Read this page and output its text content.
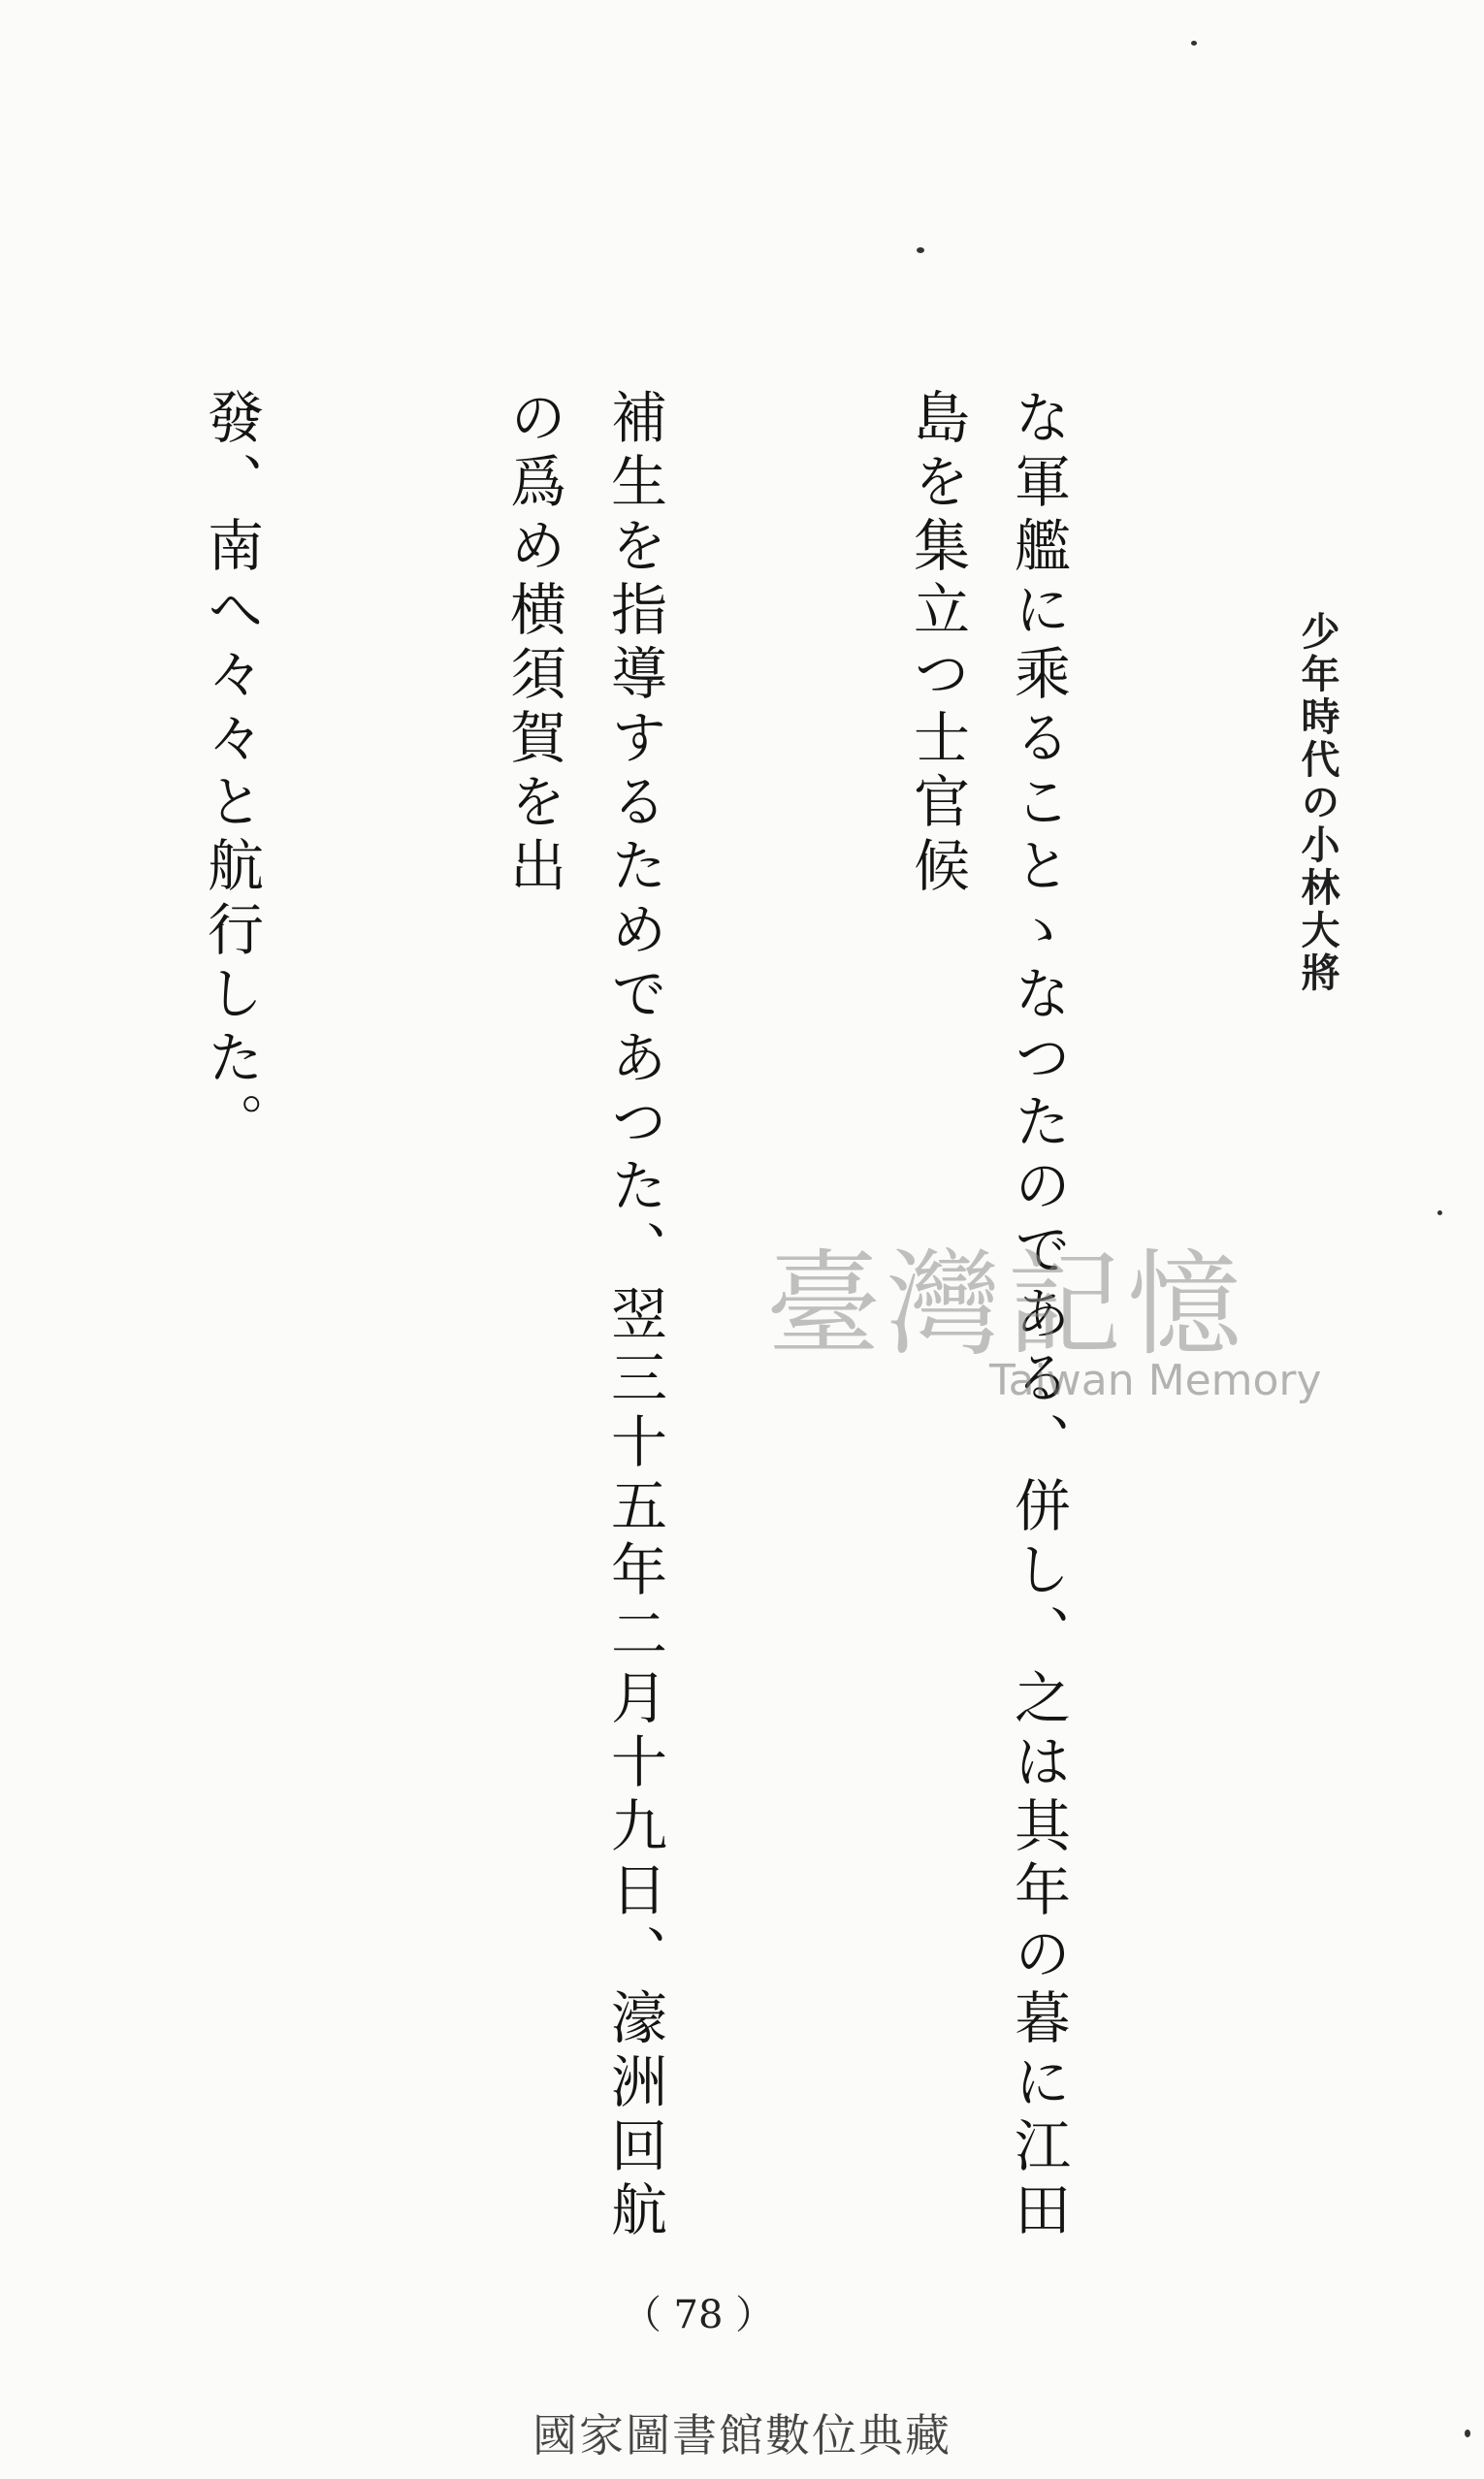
少年時代の小林大將

な軍艦に乘ることゝなつたのである、併し、之は其年の暮に江田島を集立つ士官候

補生を指導するためであつた、翌三十五年二月十九日、濠洲回航の爲め横須賀を出

發、南へ々々と航行した。

臺灣記憶
Taiwan Memory
（ 78 ）
國家圖書館數位典藏
